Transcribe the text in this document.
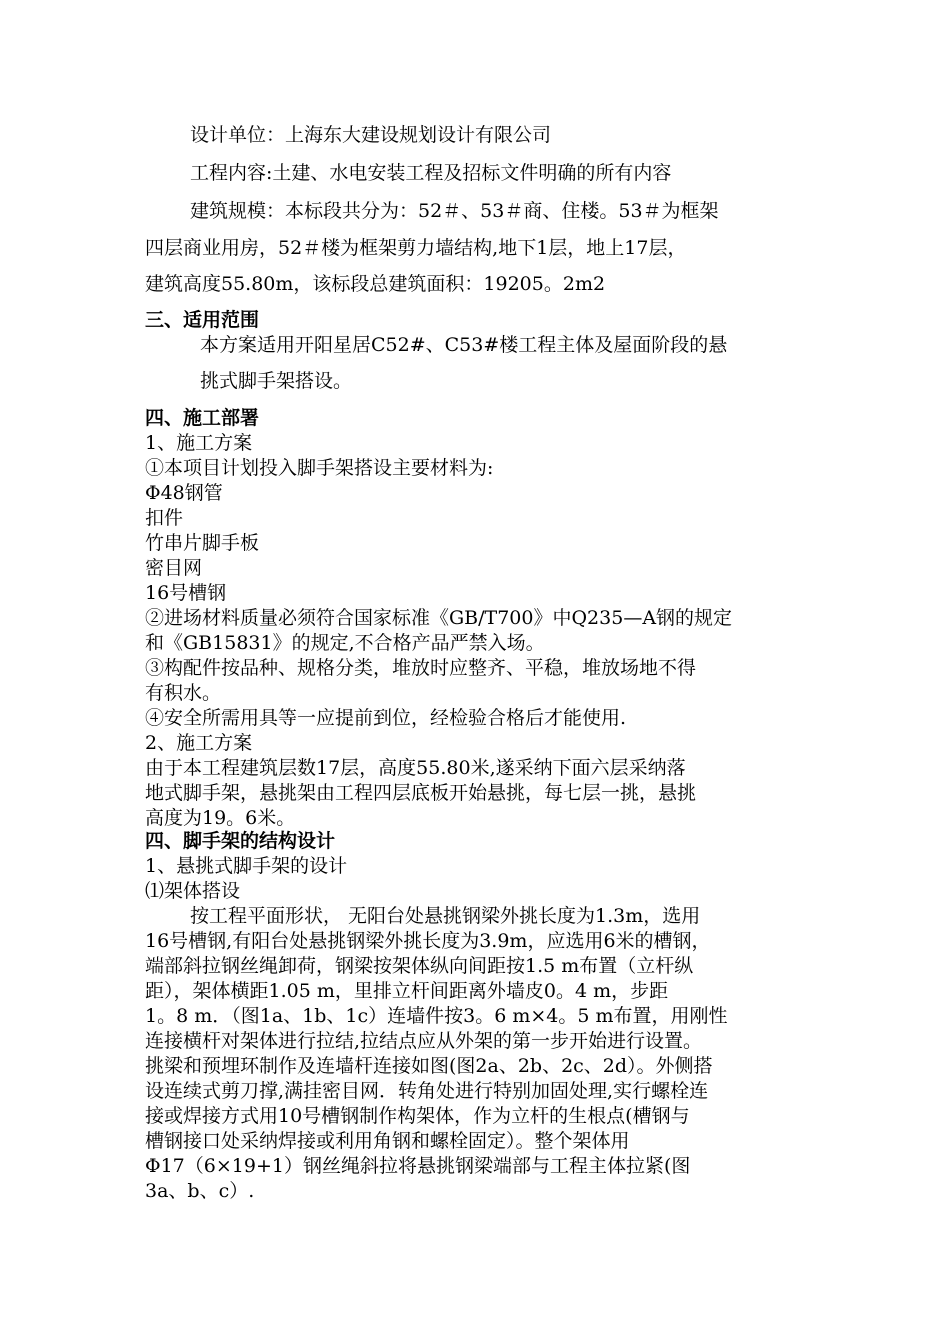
设计单位：上海东大建设规划设计有限公司
工程内容:土建、水电安装工程及招标文件明确的所有内容
建筑规模：本标段共分为：52＃、53＃商、住楼。53＃为框架
四层商业用房，52＃楼为框架剪力墙结构,地下1层，地上17层，
建筑高度55.80m，该标段总建筑面积：19205。2m2
三、适用范围
本方案适用开阳星居C52#、C53#楼工程主体及屋面阶段的悬
挑式脚手架搭设。
四、施工部署
1、施工方案
①本项目计划投入脚手架搭设主要材料为:
Φ48钢管
扣件
竹串片脚手板
密目网
16号槽钢
②进场材料质量必须符合国家标准《GB/T700》中Q235—A钢的规定
和《GB15831》的规定,不合格产品严禁入场。
③构配件按品种、规格分类，堆放时应整齐、平稳，堆放场地不得
有积水。
④安全所需用具等一应提前到位，经检验合格后才能使用.
2、施工方案
由于本工程建筑层数17层，高度55.80米,遂采纳下面六层采纳落
地式脚手架，悬挑架由工程四层底板开始悬挑，每七层一挑，悬挑
高度为19。6米。
四、脚手架的结构设计
1、悬挑式脚手架的设计
⑴架体搭设
按工程平面形状， 无阳台处悬挑钢梁外挑长度为1.3m，选用
16号槽钢,有阳台处悬挑钢梁外挑长度为3.9m，应选用6米的槽钢，
端部斜拉钢丝绳卸荷，钢梁按架体纵向间距按1.5 m布置（立杆纵
距），架体横距1.05 m，里排立杆间距离外墙皮0。4 m，步距
1。8 m．（图1a、1b、1c）连墙件按3。6 m×4。5 m布置，用刚性
连接横杆对架体进行拉结,拉结点应从外架的第一步开始进行设置。
挑梁和预埋环制作及连墙杆连接如图(图2a、2b、2c、2d）。外侧搭
设连续式剪刀撑,满挂密目网．转角处进行特别加固处理,实行螺栓连
接或焊接方式用10号槽钢制作构架体，作为立杆的生根点(槽钢与
槽钢接口处采纳焊接或利用角钢和螺栓固定）。整个架体用
Φ17（6×19+1）钢丝绳斜拉将悬挑钢梁端部与工程主体拉紧(图
3a、b、c）.
